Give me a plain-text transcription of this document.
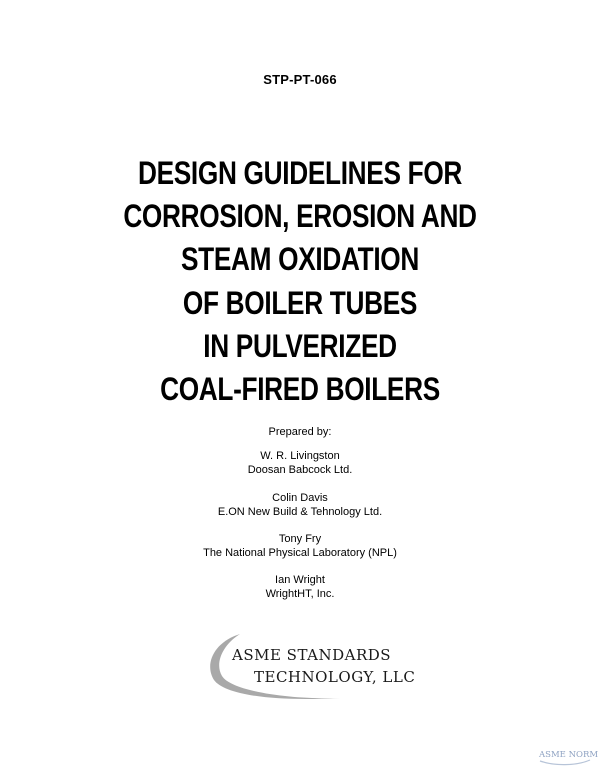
STP-PT-066
DESIGN GUIDELINES FOR
CORROSION, EROSION AND
STEAM OXIDATION
OF BOILER TUBES
IN PULVERIZED
COAL-FIRED BOILERS
Prepared by:
W. R. Livingston
Doosan Babcock Ltd.
Colin Davis
E.ON New Build & Tehnology Ltd.
Tony Fry
The National Physical Laboratory (NPL)
Ian Wright
WrightHT, Inc.
ASME STANDARDS
TECHNOLOGY, LLC
ASME NORM
